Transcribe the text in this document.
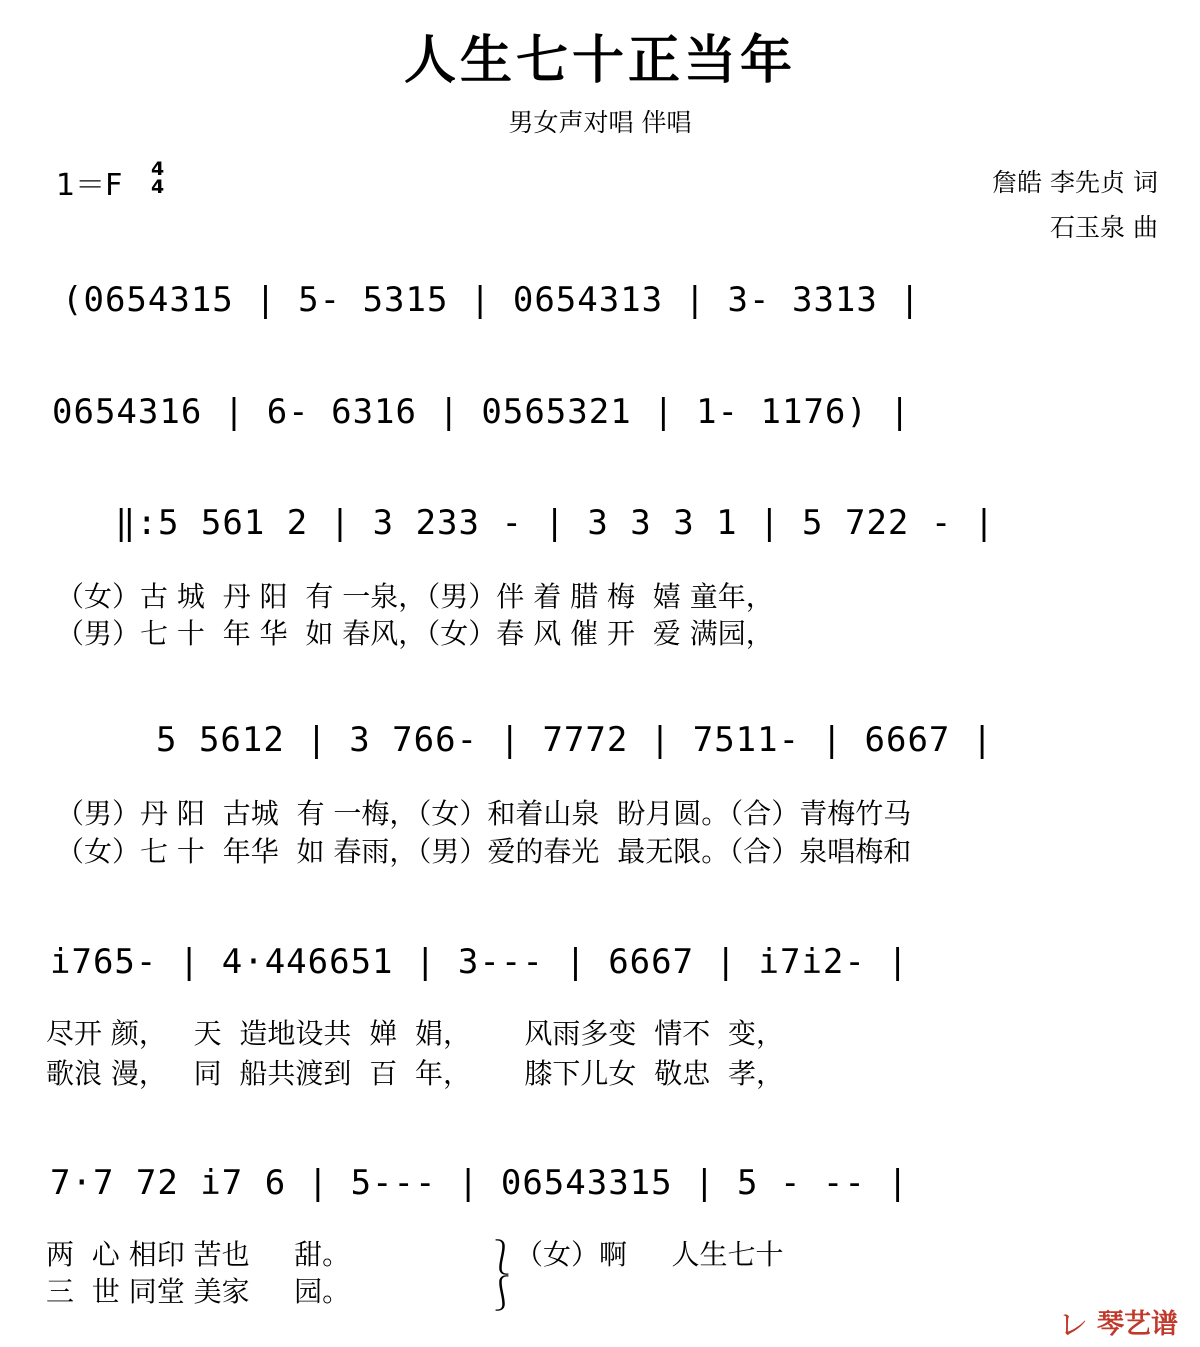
人生七十正当年
男女声对唱 伴唱
1＝F 4
4	詹皓 李先贞 词
石玉泉 曲
(0654315 | 5- 5315 | 0654313 | 3- 3313 |
0654316 | 6- 6316 | 0565321 | 1- 1176) |
‖:5 561 2 | 3 233 - | 3 3 3 1 | 5 722 - |
（女）古 城  丹 阳  有 一泉，（男）伴 着 腊 梅  嬉 童年，
（男）七 十  年 华  如 春风，（女）春 风 催 开  爱 满园，
5 5612 | 3 766- | 7772 | 7511- | 6667 |
（男）丹 阳  古城  有 一梅，（女）和着山泉  盼月圆。（合）青梅竹马
（女）七 十  年华  如 春雨，（男）爱的春光  最无限。（合）泉唱梅和
i765- | 4·446651 | 3--- | 6667 | i7i2- |
尽开 颜，   天  造地设共  婵  娟，      风雨多变  情不  变，
歌浪 漫，   同  船共渡到  百  年，      膝下儿女  敬忠  孝，
7·7 72 i7 6 | 5--- | 06543315 | 5 - -- |
两  心 相印 苦也     甜。
三  世 同堂 美家     园。
⎱
⎰
（女）啊     人生七十
㆑ 琴艺谱
